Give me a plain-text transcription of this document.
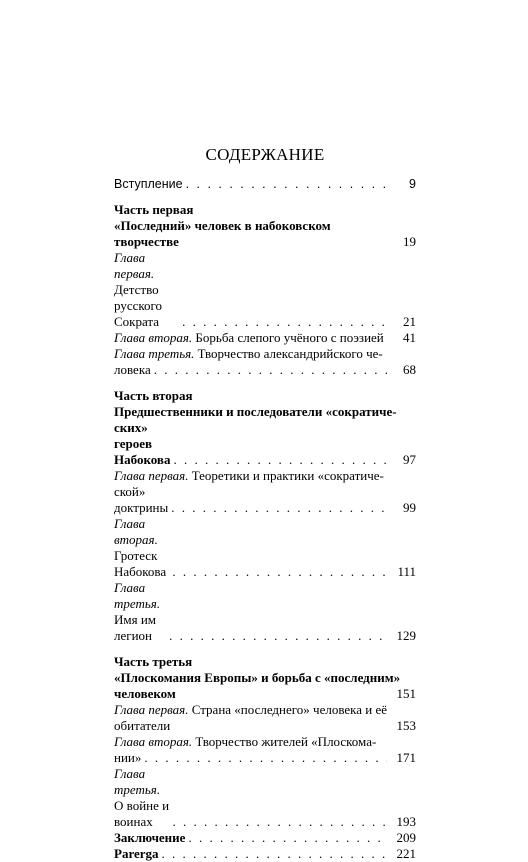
СОДЕРЖАНИЕ
Вступление . . .	9
Часть первая
«Последний» человек в набоковском творчестве	19
Глава первая. Детство русского Сократа . . .	21
Глава вторая. Борьба слепого учёного с поэзией	41
Глава третья. Творчество александрийского че-
ловека . . .	68
Часть вторая
Предшественники и последователи «сократиче-
ских» героев Набокова . . .	97
Глава первая. Теоретики и практики «сократиче-
ской» доктрины . . .	99
Глава вторая. Гротеск Набокова . . .	111
Глава третья. Имя им легион . . .	129
Часть третья
«Плоскомания Европы» и борьба с «последним»
человеком	151
Глава первая. Страна «последнего» человека и её
обитатели	153
Глава вторая. Творчество жителей «Плоскома-
нии» . . .	171
Глава третья. О войне и воинах . . .	193
Заключение . . .	209
Parerga . . .	221
